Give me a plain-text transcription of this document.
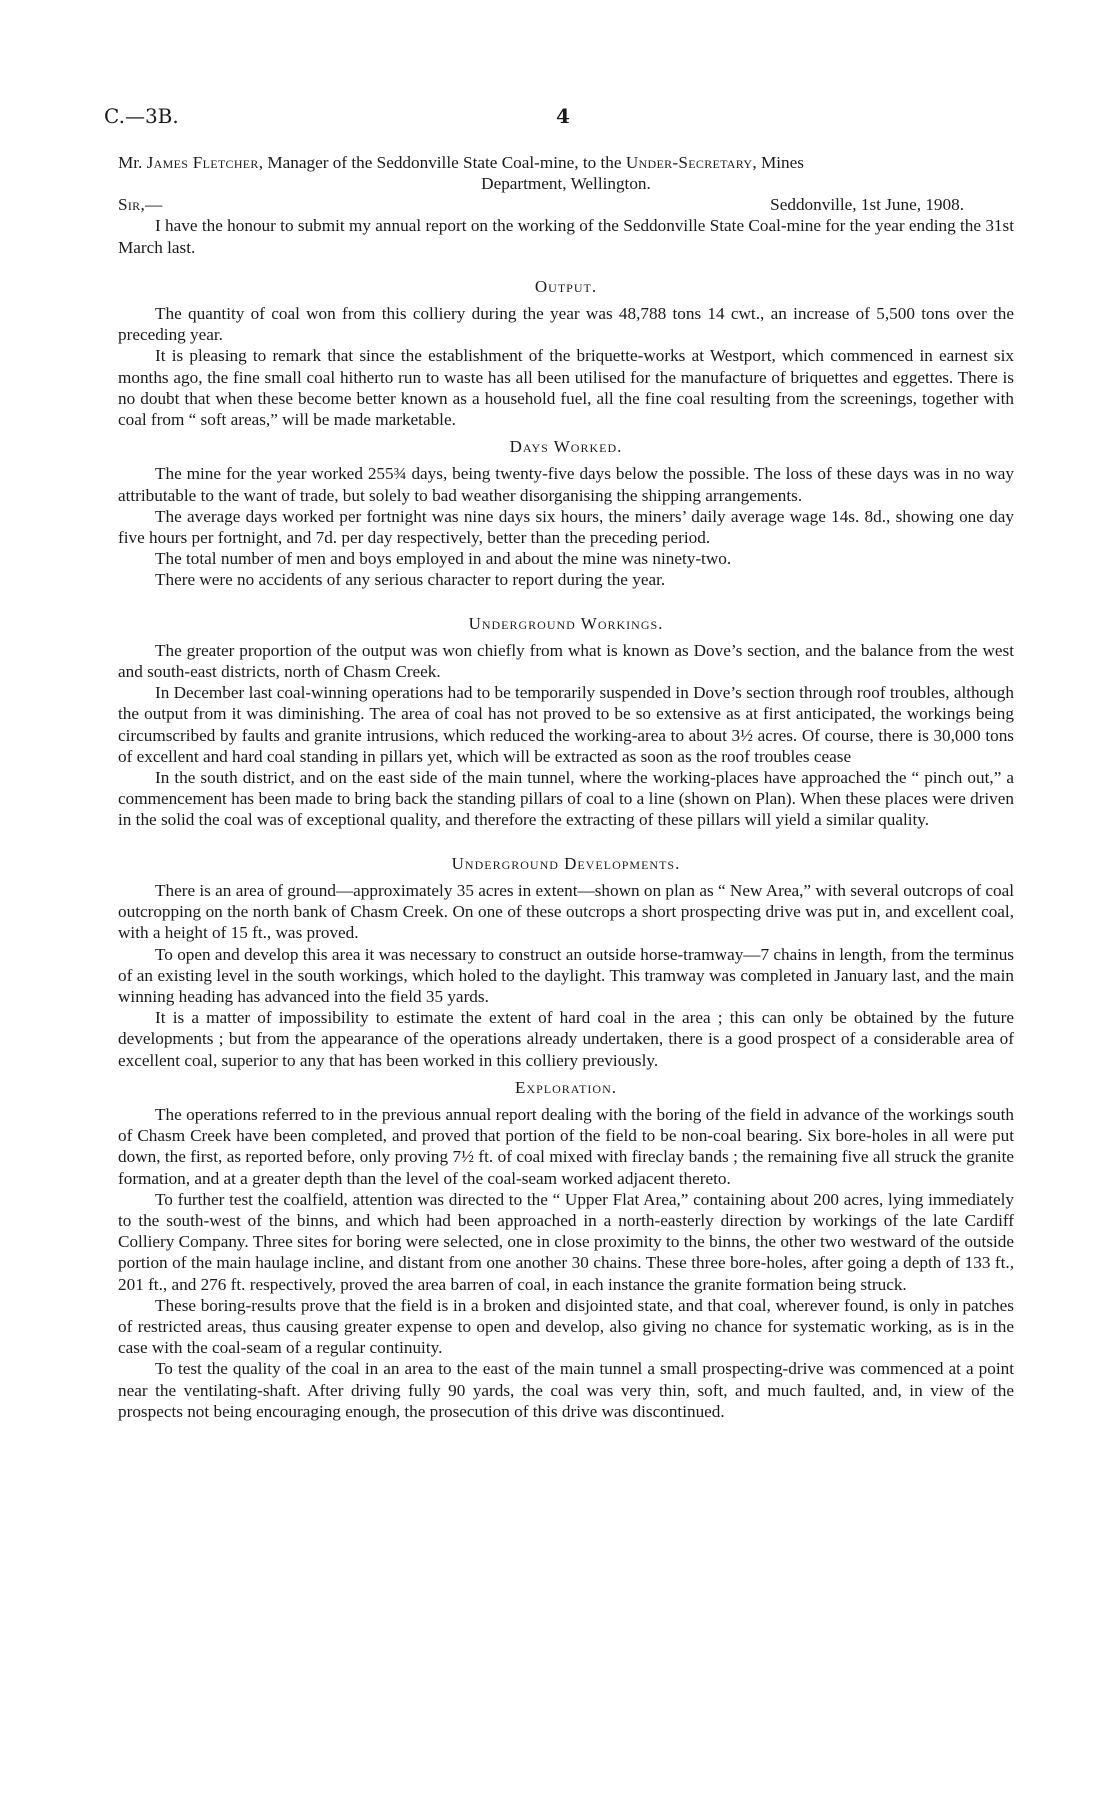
C.—3B.	4

Mr. James Fletcher, Manager of the Seddonville State Coal-mine, to the Under-Secretary, Mines

Department, Wellington.

Sir,—	Seddonville, 1st June, 1908.

I have the honour to submit my annual report on the working of the Seddonville State Coal-mine for the year ending the 31st March last.

Output.

The quantity of coal won from this colliery during the year was 48,788 tons 14 cwt., an increase of 5,500 tons over the preceding year.

It is pleasing to remark that since the establishment of the briquette-works at Westport, which commenced in earnest six months ago, the fine small coal hitherto run to waste has all been utilised for the manufacture of briquettes and eggettes. There is no doubt that when these become better known as a household fuel, all the fine coal resulting from the screenings, together with coal from “ soft areas,” will be made marketable.

Days Worked.

The mine for the year worked 255¾ days, being twenty-five days below the possible. The loss of these days was in no way attributable to the want of trade, but solely to bad weather disorganising the shipping arrangements.

The average days worked per fortnight was nine days six hours, the miners’ daily average wage 14s. 8d., showing one day five hours per fortnight, and 7d. per day respectively, better than the preceding period.

The total number of men and boys employed in and about the mine was ninety-two.

There were no accidents of any serious character to report during the year.

Underground Workings.

The greater proportion of the output was won chiefly from what is known as Dove’s section, and the balance from the west and south-east districts, north of Chasm Creek.

In December last coal-winning operations had to be temporarily suspended in Dove’s section through roof troubles, although the output from it was diminishing. The area of coal has not proved to be so extensive as at first anticipated, the workings being circumscribed by faults and granite intrusions, which reduced the working-area to about 3½ acres. Of course, there is 30,000 tons of excellent and hard coal standing in pillars yet, which will be extracted as soon as the roof troubles cease

In the south district, and on the east side of the main tunnel, where the working-places have approached the “ pinch out,” a commencement has been made to bring back the standing pillars of coal to a line (shown on Plan). When these places were driven in the solid the coal was of exceptional quality, and therefore the extracting of these pillars will yield a similar quality.

Underground Developments.

There is an area of ground—approximately 35 acres in extent—shown on plan as “ New Area,” with several outcrops of coal outcropping on the north bank of Chasm Creek. On one of these outcrops a short prospecting drive was put in, and excellent coal, with a height of 15 ft., was proved.

To open and develop this area it was necessary to construct an outside horse-tramway—7 chains in length, from the terminus of an existing level in the south workings, which holed to the daylight. This tramway was completed in January last, and the main winning heading has advanced into the field 35 yards.

It is a matter of impossibility to estimate the extent of hard coal in the area ; this can only be obtained by the future developments ; but from the appearance of the operations already undertaken, there is a good prospect of a considerable area of excellent coal, superior to any that has been worked in this colliery previously.

Exploration.

The operations referred to in the previous annual report dealing with the boring of the field in advance of the workings south of Chasm Creek have been completed, and proved that portion of the field to be non-coal bearing. Six bore-holes in all were put down, the first, as reported before, only proving 7½ ft. of coal mixed with fireclay bands ; the remaining five all struck the granite formation, and at a greater depth than the level of the coal-seam worked adjacent thereto.

To further test the coalfield, attention was directed to the “ Upper Flat Area,” containing about 200 acres, lying immediately to the south-west of the binns, and which had been approached in a north-easterly direction by workings of the late Cardiff Colliery Company. Three sites for boring were selected, one in close proximity to the binns, the other two westward of the outside portion of the main haulage incline, and distant from one another 30 chains. These three bore-holes, after going a depth of 133 ft., 201 ft., and 276 ft. respectively, proved the area barren of coal, in each instance the granite formation being struck.

These boring-results prove that the field is in a broken and disjointed state, and that coal, wherever found, is only in patches of restricted areas, thus causing greater expense to open and develop, also giving no chance for systematic working, as is in the case with the coal-seam of a regular continuity.

To test the quality of the coal in an area to the east of the main tunnel a small prospecting-drive was commenced at a point near the ventilating-shaft. After driving fully 90 yards, the coal was very thin, soft, and much faulted, and, in view of the prospects not being encouraging enough, the prosecution of this drive was discontinued.
